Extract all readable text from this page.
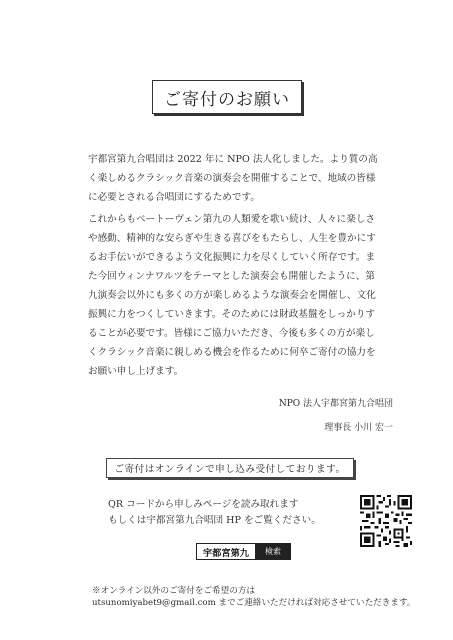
ご寄付のお願い

宇都宮第九合唱団は 2022 年に NPO 法人化しました。より質の高く楽しめるクラシック音楽の演奏会を開催することで、地域の皆様に必要とされる合唱団にするためです。

これからもベートーヴェン第九の人類愛を歌い続け、人々に楽しさや感動、精神的な安らぎや生きる喜びをもたらし、人生を豊かにするお手伝いができるよう文化振興に力を尽くしていく所存です。また今回ウィンナワルツをテーマとした演奏会も開催したように、第九演奏会以外にも多くの方が楽しめるような演奏会を開催し、文化振興に力をつくしていきます。そのためには財政基盤をしっかりすることが必要です。皆様にご協力いただき、今後も多くの方が楽しくクラシック音楽に親しめる機会を作るために何卒ご寄付の協力をお願い申し上げます。

NPO 法人宇都宮第九合唱団
理事長 小川 宏一
ご寄付はオンラインで申し込み受付しております。
QR コードから申しみページを読み取れます
もしくは宇都宮第九合唱団 HP をご覧ください。
宇都宮第九	検索
※オンライン以外のご寄付をご希望の方は
utsunomiyabet9@gmail.com までご連絡いただければ対応させていただきます。
